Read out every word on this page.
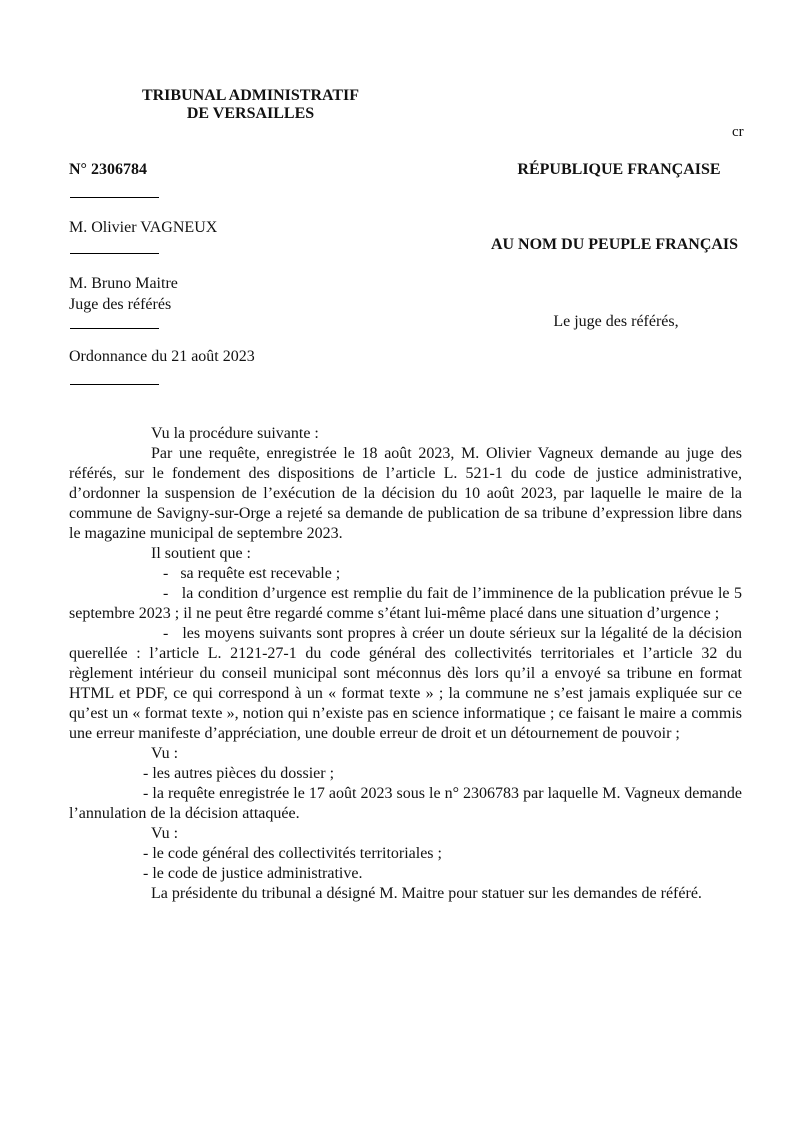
TRIBUNAL ADMINISTRATIF
DE VERSAILLES
cr
N° 2306784	RÉPUBLIQUE FRANÇAISE
M. Olivier VAGNEUX
AU NOM DU PEUPLE FRANÇAIS
M. Bruno Maitre
Juge des référés
Le juge des référés,
Ordonnance du 21 août 2023

Vu la procédure suivante :

Par une requête, enregistrée le 18 août 2023, M. Olivier Vagneux demande au juge des référés, sur le fondement des dispositions de l’article L. 521-1 du code de justice administrative, d’ordonner la suspension de l’exécution de la décision du 10 août 2023, par laquelle le maire de la commune de Savigny-sur-Orge a rejeté sa demande de publication de sa tribune d’expression libre dans le magazine municipal de septembre 2023.

Il soutient que :

-   sa requête est recevable ;

-   la condition d’urgence est remplie du fait de l’imminence de la publication prévue le 5 septembre 2023 ; il ne peut être regardé comme s’étant lui-même placé dans une situation d’urgence ;

-   les moyens suivants sont propres à créer un doute sérieux sur la légalité de la décision querellée : l’article L. 2121-27-1 du code général des collectivités territoriales et l’article 32 du règlement intérieur du conseil municipal sont méconnus dès lors qu’il a envoyé sa tribune en format HTML et PDF, ce qui correspond à un « format texte » ; la commune ne s’est jamais expliquée sur ce qu’est un « format texte », notion qui n’existe pas en science informatique ; ce faisant le maire a commis une erreur manifeste d’appréciation, une double erreur de droit et un détournement de pouvoir ;

Vu :

- les autres pièces du dossier ;

- la requête enregistrée le 17 août 2023 sous le n° 2306783 par laquelle M. Vagneux demande l’annulation de la décision attaquée.

Vu :

- le code général des collectivités territoriales ;

- le code de justice administrative.

La présidente du tribunal a désigné M. Maitre pour statuer sur les demandes de référé.
